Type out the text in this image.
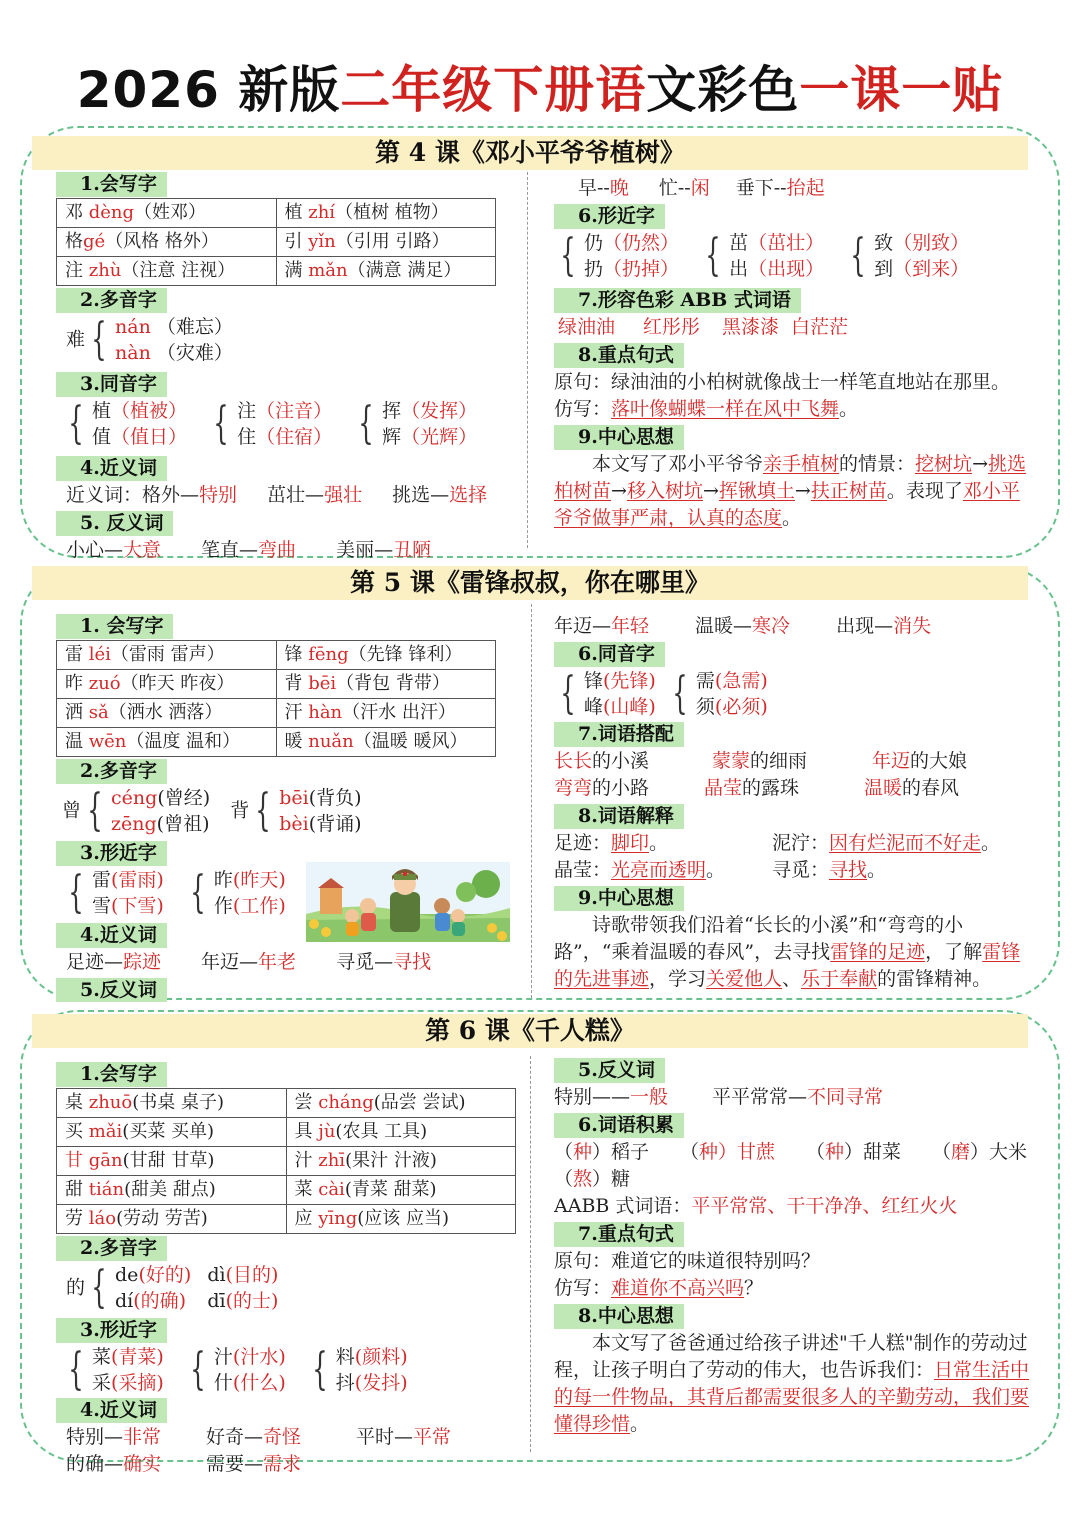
2026 新版二年级下册语文彩色一课一贴
第 4 课《邓小平爷爷植树》
1.会写字
邓 dèng（姓邓）	植 zhí（植树 植物）
格gé（风格 格外）	引 yǐn（引用 引路）
注 zhù（注意 注视）	满 mǎn（满意 满足）
2.多音字
难 { nán （难忘）
nàn （灾难）
3.同音字
{ 植（植被）
值（值日）
{ 注（注音）
住（住宿）
{ 挥（发挥）
辉（光辉）
4.近义词
近义词：格外—特别 茁壮—强壮 挑选—选择
5. 反义词
小心—大意 笔直—弯曲 美丽—丑陋
早--晚 忙--闲 垂下--抬起
6.形近字
{ 仍（仍然）
扔（扔掉）
{ 茁（茁壮）
出（出现）
{ 致（别致）
到（到来）
7.形容色彩 ABB 式词语
绿油油 红彤彤 黑漆漆 白茫茫
8.重点句式
原句：绿油油的小柏树就像战士一样笔直地站在那里。
仿写：落叶像蝴蝶一样在风中飞舞。
9.中心思想
本文写了邓小平爷爷亲手植树的情景：挖树坑→挑选柏树苗→移入树坑→挥锹填土→扶正树苗。表现了邓小平爷爷做事严肃，认真的态度。
第 5 课《雷锋叔叔，你在哪里》
1. 会写字
雷 léi（雷雨 雷声）	锋 fēng（先锋 锋利）
昨 zuó（昨天 昨夜）	背 bēi（背包 背带）
洒 sǎ（洒水 洒落）	汗 hàn（汗水 出汗）
温 wēn（温度 温和）	暖 nuǎn（温暖 暖风）
2.多音字
曾 { céng(曾经)
zēng(曾祖)
背 { bēi(背负)
bèi(背诵)
3.形近字
{ 雷(雷雨)
雪(下雪)
{ 昨(昨天)
作(工作)
4.近义词
足迹—踪迹 年迈—年老 寻觅—寻找
5.反义词
年迈—年轻 温暖—寒冷 出现—消失
6.同音字
{ 锋(先锋)
峰(山峰)
{ 需(急需)
须(必须)
7.词语搭配
长长的小溪	蒙蒙的细雨	年迈的大娘
弯弯的小路	晶莹的露珠	温暖的春风
8.词语解释
足迹：脚印。	泥泞：因有烂泥而不好走。
晶莹：光亮而透明。 寻觅：寻找。
9.中心思想
诗歌带领我们沿着“长长的小溪”和“弯弯的小路”，“乘着温暖的春风”，去寻找雷锋的足迹，了解雷锋的先进事迹，学习关爱他人、乐于奉献的雷锋精神。
第 6 课《千人糕》
1.会写字
桌 zhuō(书桌 桌子)	尝 cháng(品尝 尝试)
买 mǎi(买菜 买单)	具 jù(农具 工具)
甘 gān(甘甜 甘草)	汁 zhī(果汁 汁液)
甜 tián(甜美 甜点)	菜 cài(青菜 甜菜)
劳 láo(劳动 劳苦)	应 yīng(应该 应当)
2.多音字
的 { de(好的)
dí(的确)

dì(目的)
dī(的士)
3.形近字
{ 菜(青菜)
采(采摘)
{ 汁(汁水)
什(什么)
{ 料(颜料)
抖(发抖)
4.近义词
特别—非常 好奇—奇怪	平时—平常
的确—确实 需要—需求
5.反义词
特别——一般 平平常常—不同寻常
6.词语积累
（种）稻子 （种）甘蔗 （种）甜菜 （磨）大米
（熬）糖
AABB 式词语：平平常常、干干净净、红红火火
7.重点句式
原句：难道它的味道很特别吗？
仿写：难道你不高兴吗？
8.中心思想
本文写了爸爸通过给孩子讲述"千人糕"制作的劳动过程，让孩子明白了劳动的伟大，也告诉我们：日常生活中的每一件物品，其背后都需要很多人的辛勤劳动，我们要懂得珍惜。
